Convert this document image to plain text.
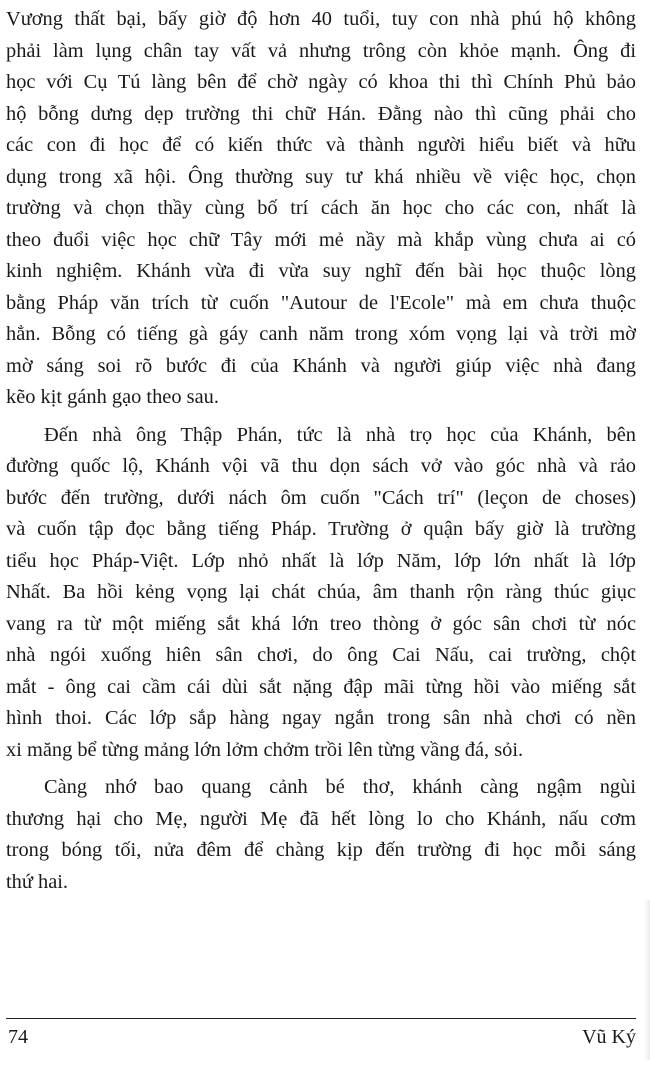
Vương thất bại, bấy giờ độ hơn 40 tuổi, tuy con nhà phú hộ không
phải làm lụng chân tay vất vả nhưng trông còn khỏe mạnh. Ông đi
học với Cụ Tú làng bên để chờ ngày có khoa thi thì Chính Phủ bảo
hộ bỗng dưng dẹp trường thi chữ Hán. Đằng nào thì cũng phải cho
các con đi học để có kiến thức và thành người hiểu biết và hữu
dụng trong xã hội. Ông thường suy tư khá nhiều về việc học, chọn
trường và chọn thầy cùng bố trí cách ăn học cho các con, nhất là
theo đuổi việc học chữ Tây mới mẻ nầy mà khắp vùng chưa ai có
kinh nghiệm. Khánh vừa đi vừa suy nghĩ đến bài học thuộc lòng
bằng Pháp văn trích từ cuốn "Autour de l'Ecole" mà em chưa thuộc
hẳn. Bỗng có tiếng gà gáy canh năm trong xóm vọng lại và trời mờ
mờ sáng soi rõ bước đi của Khánh và người giúp việc nhà đang
kẽo kịt gánh gạo theo sau.
Đến nhà ông Thập Phán, tức là nhà trọ học của Khánh, bên
đường quốc lộ, Khánh vội vã thu dọn sách vở vào góc nhà và rảo
bước đến trường, dưới nách ôm cuốn "Cách trí" (leçon de choses)
và cuốn tập đọc bằng tiếng Pháp. Trường ở quận bấy giờ là trường
tiểu học Pháp-Việt. Lớp nhỏ nhất là lớp Năm, lớp lớn nhất là lớp
Nhất. Ba hồi kẻng vọng lại chát chúa, âm thanh rộn ràng thúc giục
vang ra từ một miếng sắt khá lớn treo thòng ở góc sân chơi từ nóc
nhà ngói xuống hiên sân chơi, do ông Cai Nấu, cai trường, chột
mắt - ông cai cầm cái dùi sắt nặng đập mãi từng hồi vào miếng sắt
hình thoi. Các lớp sắp hàng ngay ngắn trong sân nhà chơi có nền
xi măng bể từng mảng lớn lởm chởm trồi lên từng vầng đá, sỏi.
Càng nhớ bao quang cảnh bé thơ, khánh càng ngậm ngùi
thương hại cho Mẹ, người Mẹ đã hết lòng lo cho Khánh, nấu cơm
trong bóng tối, nửa đêm để chàng kịp đến trường đi học mỗi sáng
thứ hai.
74	Vũ Ký
